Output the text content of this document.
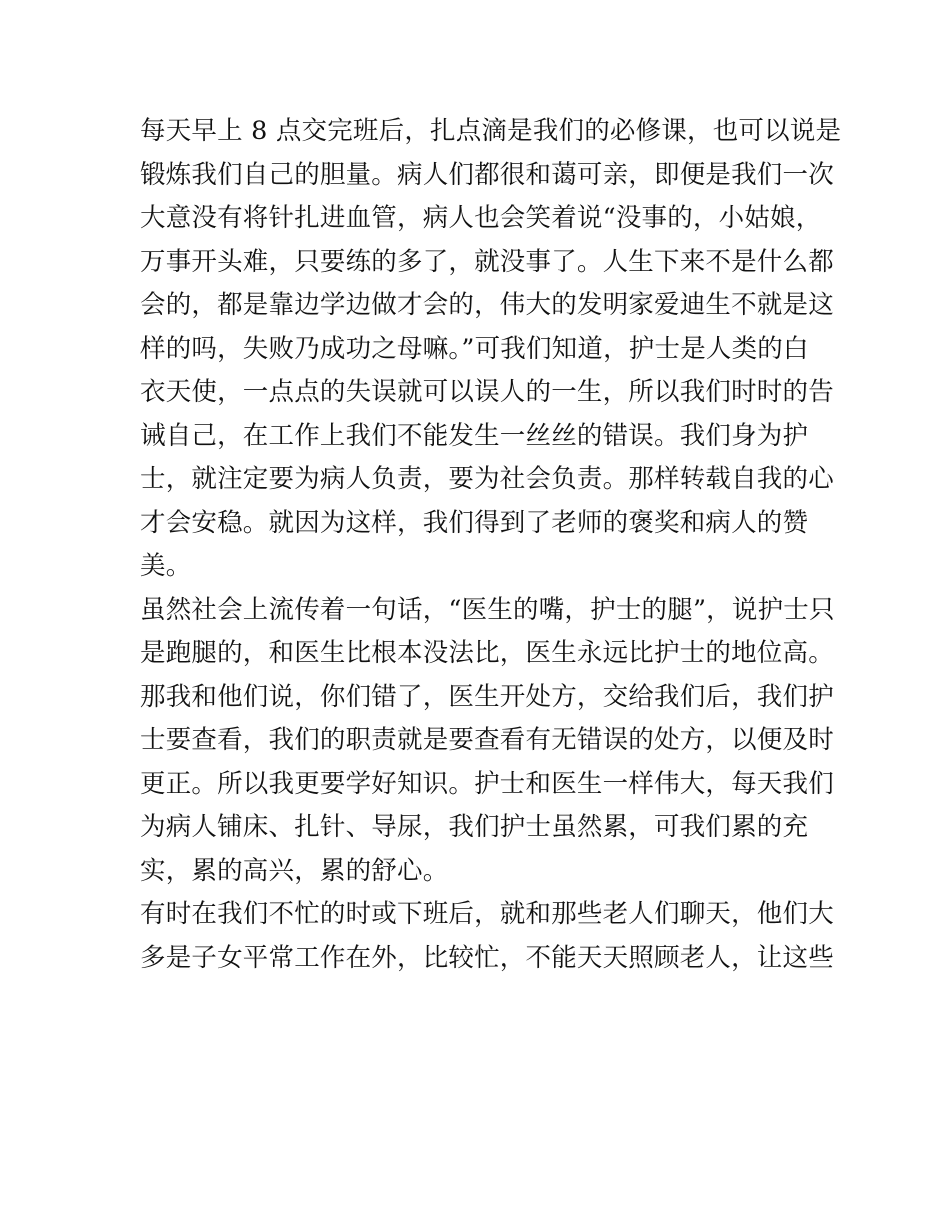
每天早上 8 点交完班后，扎点滴是我们的必修课，也可以说是
锻炼我们自己的胆量。病人们都很和蔼可亲，即便是我们一次
大意没有将针扎进血管，病人也会笑着说“没事的，小姑娘，
万事开头难，只要练的多了，就没事了。人生下来不是什么都
会的，都是靠边学边做才会的，伟大的发明家爱迪生不就是这
样的吗，失败乃成功之母嘛。”可我们知道，护士是人类的白
衣天使，一点点的失误就可以误人的一生，所以我们时时的告
诫自己，在工作上我们不能发生一丝丝的错误。我们身为护
士，就注定要为病人负责，要为社会负责。那样转载自我的心
才会安稳。就因为这样，我们得到了老师的褒奖和病人的赞
美。
虽然社会上流传着一句话，“医生的嘴，护士的腿”，说护士只
是跑腿的，和医生比根本没法比，医生永远比护士的地位高。
那我和他们说，你们错了，医生开处方，交给我们后，我们护
士要查看，我们的职责就是要查看有无错误的处方，以便及时
更正。所以我更要学好知识。护士和医生一样伟大，每天我们
为病人铺床、扎针、导尿，我们护士虽然累，可我们累的充
实，累的高兴，累的舒心。
有时在我们不忙的时或下班后，就和那些老人们聊天，他们大
多是子女平常工作在外，比较忙，不能天天照顾老人，让这些
